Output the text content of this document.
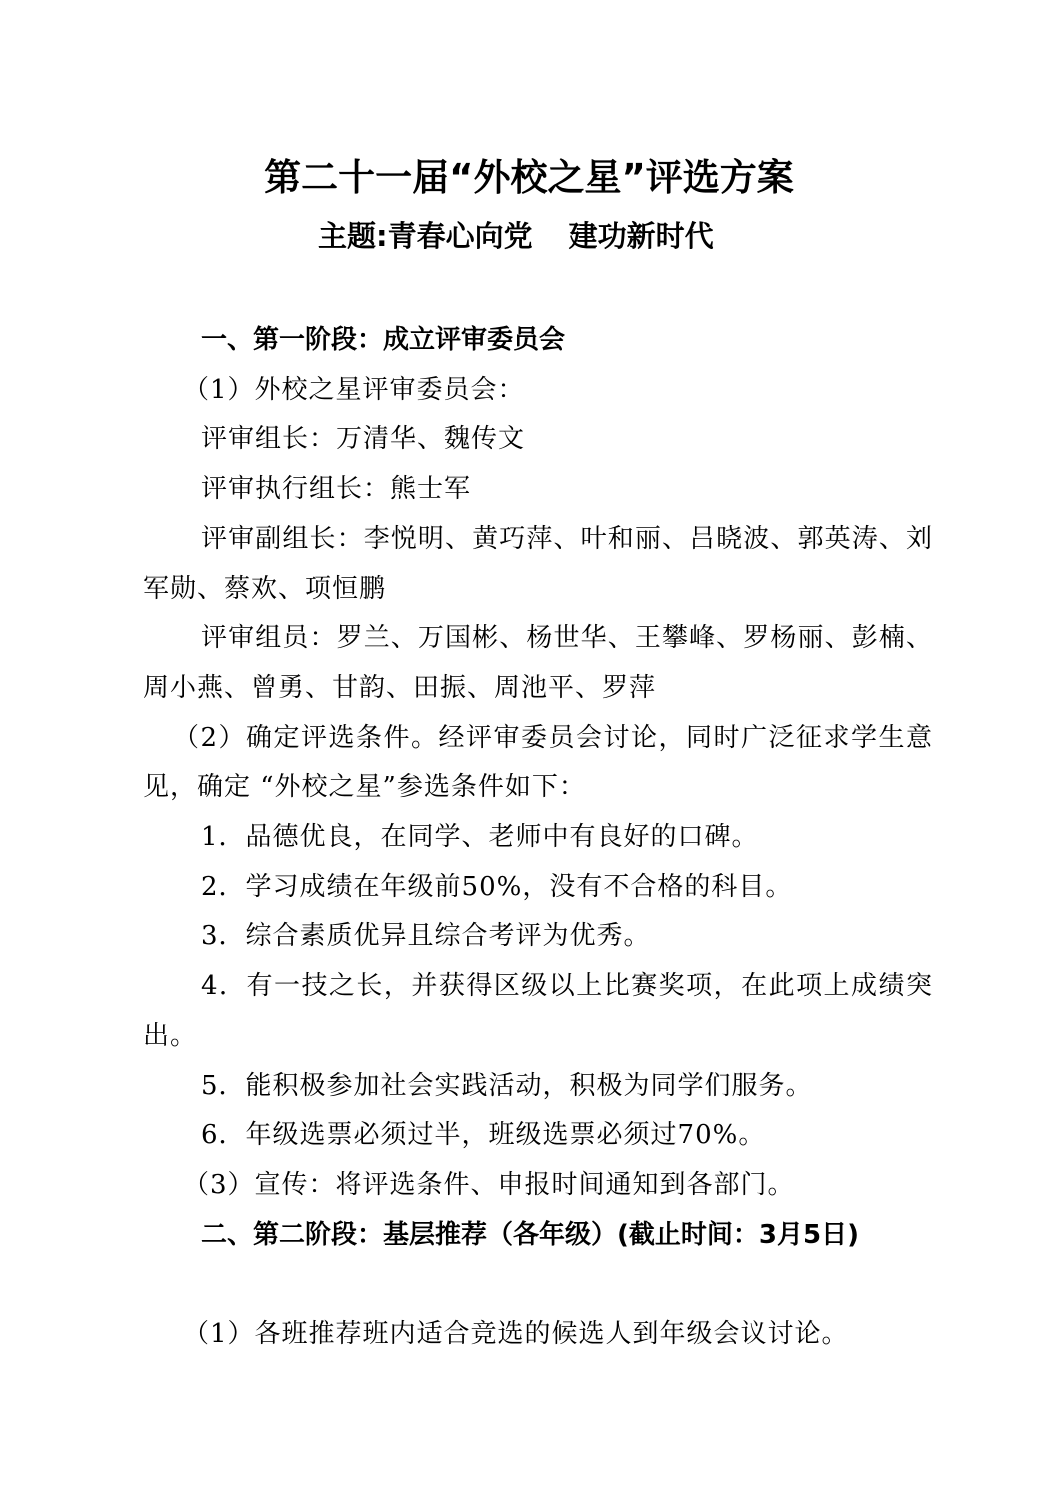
第二十一届“外校之星”评选方案
主题:青春心向党 建功新时代

一、第一阶段：成立评审委员会

（1）外校之星评审委员会：

评审组长：万清华、魏传文

评审执行组长：熊士军

评审副组长：李悦明、黄巧萍、叶和丽、吕晓波、郭英涛、刘军勋、蔡欢、项恒鹏

评审组员：罗兰、万国彬、杨世华、王攀峰、罗杨丽、彭楠、周小燕、曾勇、甘韵、田振、周池平、罗萍

（2）确定评选条件。经评审委员会讨论，同时广泛征求学生意见，确定 “外校之星”参选条件如下：

1．品德优良，在同学、老师中有良好的口碑。

2．学习成绩在年级前50%，没有不合格的科目。

3．综合素质优异且综合考评为优秀。

4．有一技之长，并获得区级以上比赛奖项，在此项上成绩突出。

5．能积极参加社会实践活动，积极为同学们服务。

6．年级选票必须过半，班级选票必须过70%。

（3）宣传：将评选条件、申报时间通知到各部门。

二、第二阶段：基层推荐（各年级）(截止时间：3月5日)

（1）各班推荐班内适合竞选的候选人到年级会议讨论。
